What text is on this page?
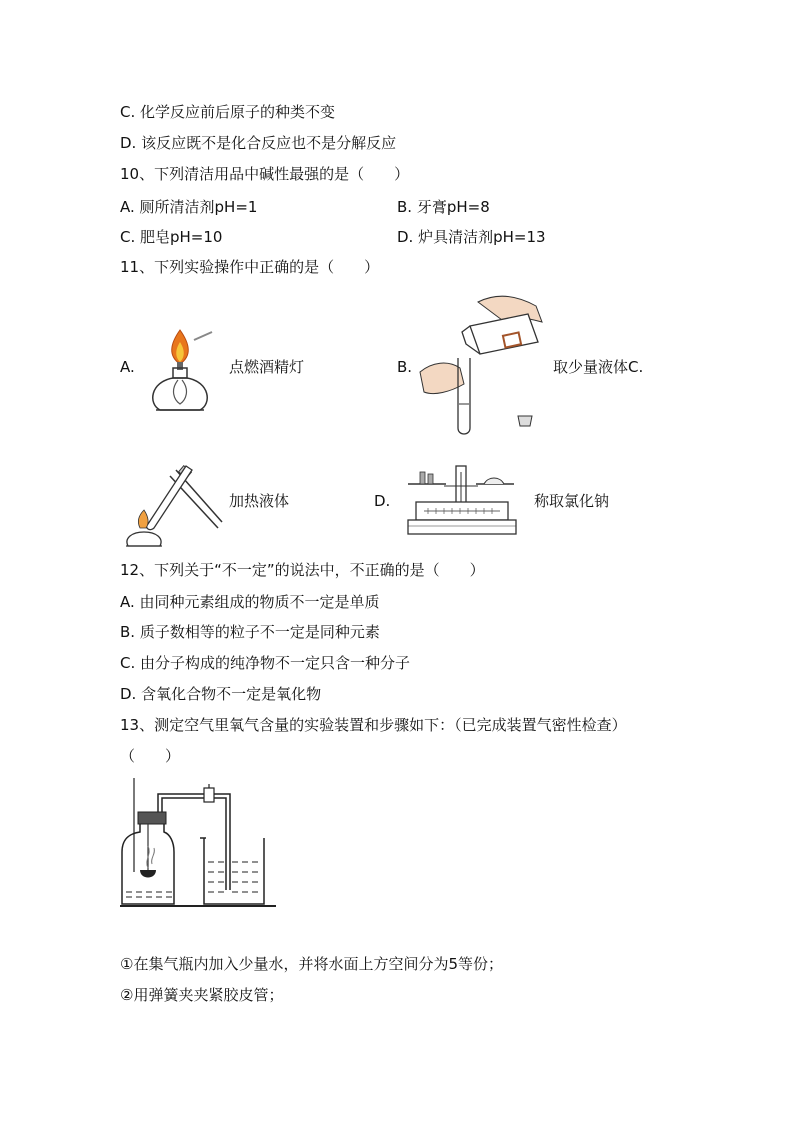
C. 化学反应前后原子的种类不变
D. 该反应既不是化合反应也不是分解反应
10、下列清洁用品中碱性最强的是（　　）
A. 厕所清洁剂pH=1	B. 牙膏pH=8
C. 肥皂pH=10	D. 炉具清洁剂pH=13
11、下列实验操作中正确的是（　　）
A.	点燃酒精灯	B.	取少量液体C.
加热液体	D.	称取氯化钠
12、下列关于“不一定”的说法中，不正确的是（　　）
A. 由同种元素组成的物质不一定是单质
B. 质子数相等的粒子不一定是同种元素
C. 由分子构成的纯净物不一定只含一种分子
D. 含氧化合物不一定是氧化物
13、测定空气里氧气含量的实验装置和步骤如下：（已完成装置气密性检查）
（　　）
①在集气瓶内加入少量水，并将水面上方空间分为5等份；
②用弹簧夹夹紧胶皮管；
